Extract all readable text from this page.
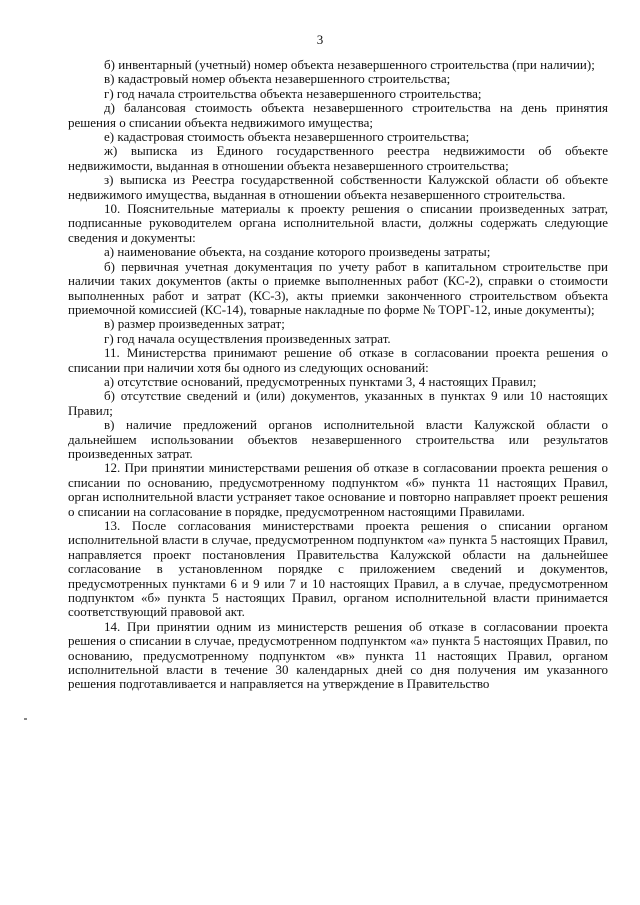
3

б) инвентарный (учетный) номер объекта незавершенного строительства (при наличии);

в) кадастровый номер объекта незавершенного строительства;

г) год начала строительства объекта незавершенного строительства;

д) балансовая стоимость объекта незавершенного строительства на день принятия решения о списании объекта недвижимого имущества;

е) кадастровая стоимость объекта незавершенного строительства;

ж) выписка из Единого государственного реестра недвижимости об объекте недвижимости, выданная в отношении объекта незавершенного строительства;

з) выписка из Реестра государственной собственности Калужской области об объекте недвижимого имущества, выданная в отношении объекта незавершенного строительства.

10. Пояснительные материалы к проекту решения о списании произведенных затрат, подписанные руководителем органа исполнительной власти, должны содержать следующие сведения и документы:

а) наименование объекта, на создание которого произведены затраты;

б) первичная учетная документация по учету работ в капитальном строительстве при наличии таких документов (акты о приемке выполненных работ (КС-2), справки о стоимости выполненных работ и затрат (КС-3), акты приемки законченного строительством объекта приемочной комиссией (КС-14), товарные накладные по форме № ТОРГ-12, иные документы);

в) размер произведенных затрат;

г) год начала осуществления произведенных затрат.

11. Министерства принимают решение об отказе в согласовании проекта решения о списании при наличии хотя бы одного из следующих оснований:

а) отсутствие оснований, предусмотренных пунктами 3, 4 настоящих Правил;

б) отсутствие сведений и (или) документов, указанных в пунктах 9 или 10 настоящих Правил;

в) наличие предложений органов исполнительной власти Калужской области о дальнейшем использовании объектов незавершенного строительства или результатов произведенных затрат.

12. При принятии министерствами решения об отказе в согласовании проекта решения о списании по основанию, предусмотренному подпунктом «б» пункта 11 настоящих Правил, орган исполнительной власти устраняет такое основание и повторно направляет проект решения о списании на согласование в порядке, предусмотренном настоящими Правилами.

13. После согласования министерствами проекта решения о списании органом исполнительной власти в случае, предусмотренном подпунктом «а» пункта 5 настоящих Правил, направляется проект постановления Правительства Калужской области на дальнейшее согласование в установленном порядке с приложением сведений и документов, предусмотренных пунктами 6 и 9 или 7 и 10 настоящих Правил, а в случае, предусмотренном подпунктом «б» пункта 5 настоящих Правил, органом исполнительной власти принимается соответствующий правовой акт.

14. При принятии одним из министерств решения об отказе в согласовании проекта решения о списании в случае, предусмотренном подпунктом «а» пункта 5 настоящих Правил, по основанию, предусмотренному подпунктом «в» пункта 11 настоящих Правил, органом исполнительной власти в течение 30 календарных дней со дня получения им указанного решения подготавливается и направляется на утверждение в Правительство
